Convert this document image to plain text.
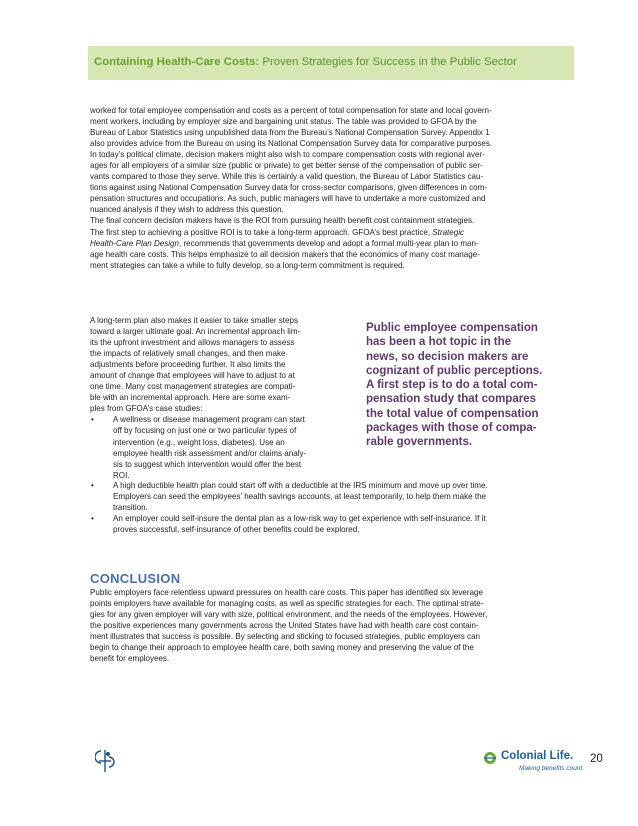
Containing Health-Care Costs: Proven Strategies for Success in the Public Sector

worked for total employee compensation and costs as a percent of total compensation for state and local govern-
ment workers, including by employer size and bargaining unit status. The table was provided to GFOA by the
Bureau of Labor Statistics using unpublished data from the Bureau’s National Compensation Survey. Appendix 1
also provides advice from the Bureau on using its National Compensation Survey data for comparative purposes.

In today’s political climate, decision makers might also wish to compare compensation costs with regional aver-
ages for all employers of a similar size (public or private) to get better sense of the compensation of public ser-
vants compared to those they serve. While this is certainly a valid question, the Bureau of Labor Statistics cau-
tions against using National Compensation Survey data for cross-sector comparisons, given differences in com-
pensation structures and occupations. As such, public managers will have to undertake a more customized and
nuanced analysis if they wish to address this question.

The final concern decision makers have is the ROI from pursuing health benefit cost containment strategies.
The first step to achieving a positive ROI is to take a long-term approach. GFOA’s best practice, Strategic
Health-Care Plan Design, recommends that governments develop and adopt a formal multi-year plan to man-
age health care costs. This helps emphasize to all decision makers that the economics of many cost manage-
ment strategies can take a while to fully develop, so a long-term commitment is required.

A long-term plan also makes it easier to take smaller steps
toward a larger ultimate goal. An incremental approach lim-
its the upfront investment and allows managers to assess
the impacts of relatively small changes, and then make
adjustments before proceeding further. It also limits the
amount of change that employees will have to adjust to at
one time. Many cost management strategies are compati-
ble with an incremental approach. Here are some exam-
ples from GFOA’s case studies:
• A wellness or disease management program can start
off by focusing on just one or two particular types of
intervention (e.g., weight loss, diabetes). Use an
employee health risk assessment and/or claims analy-
sis to suggest which intervention would offer the best
ROI.
Public employee compensation
has been a hot topic in the
news, so decision makers are
cognizant of public perceptions.
A first step is to do a total com-
pensation study that compares
the total value of compensation
packages with those of compa-
rable governments.
• A high deductible health plan could start off with a deductible at the IRS minimum and move up over time.
Employers can seed the employees’ health savings accounts, at least temporarily, to help them make the
transition.
• An employer could self-insure the dental plan as a low-risk way to get experience with self-insurance. If it
proves successful, self-insurance of other benefits could be explored.
CONCLUSION
Public employers face relentless upward pressures on health care costs. This paper has identified six leverage
points employers have available for managing costs, as well as specific strategies for each. The optimal strate-
gies for any given employer will vary with size, political environment, and the needs of the employees. However,
the positive experiences many governments across the United States have had with health care cost contain-
ment illustrates that success is possible. By selecting and sticking to focused strategies, public employers can
begin to change their approach to employee health care, both saving money and preserving the value of the
benefit for employees.
Colonial Life.
Making benefits count.
20
